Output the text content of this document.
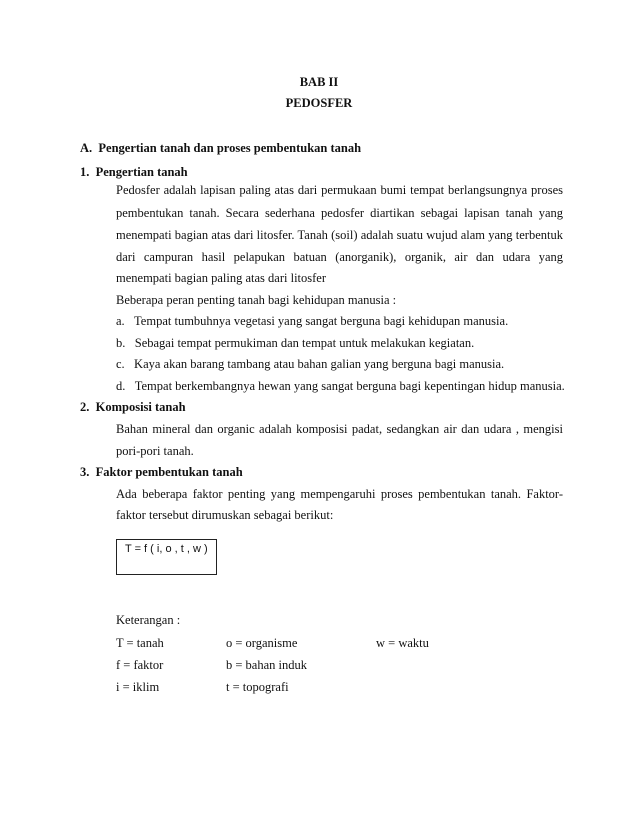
BAB II
PEDOSFER
A.  Pengertian tanah dan proses pembentukan tanah
1.  Pengertian tanah
Pedosfer adalah lapisan paling atas dari permukaan bumi tempat berlangsungnya proses
pembentukan tanah. Secara sederhana pedosfer diartikan sebagai lapisan tanah yang
menempati bagian atas dari litosfer. Tanah (soil) adalah suatu wujud alam yang terbentuk
dari campuran hasil pelapukan batuan (anorganik), organik, air dan udara yang
menempati bagian paling atas dari litosfer
Beberapa peran penting tanah bagi kehidupan manusia :
a.   Tempat tumbuhnya vegetasi yang sangat berguna bagi kehidupan manusia.
b.   Sebagai tempat permukiman dan tempat untuk melakukan kegiatan.
c.   Kaya akan barang tambang atau bahan galian yang berguna bagi manusia.
d.   Tempat berkembangnya hewan yang sangat berguna bagi kepentingan hidup manusia.
2.  Komposisi tanah
Bahan mineral dan organic adalah komposisi padat, sedangkan air dan udara , mengisi
pori-pori tanah.
3.  Faktor pembentukan tanah
Ada beberapa faktor penting yang mempengaruhi proses pembentukan tanah. Faktor-
faktor tersebut dirumuskan sebagai berikut:
T = f ( i, o , t , w )
Keterangan :
T = tanah	o = organisme	w = waktu
f = faktor	b = bahan induk
i = iklim	t = topografi
